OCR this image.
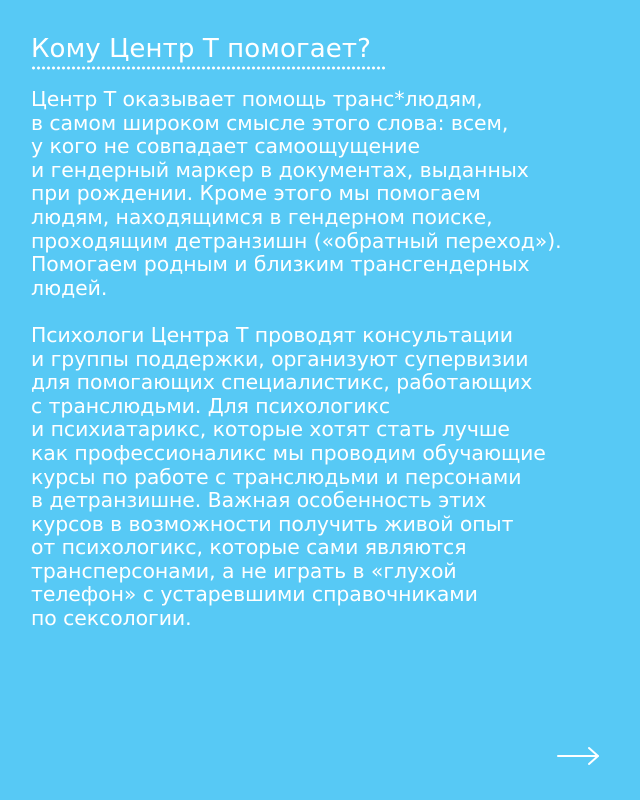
Кому Центр Т помогает?

Центр Т оказывает помощь транс*людям,
в самом широком смысле этого слова: всем,
у кого не совпадает самоощущение
и гендерный маркер в документах, выданных
при рождении. Кроме этого мы помогаем
людям, находящимся в гендерном поиске,
проходящим детранзишн («обратный переход»).
Помогаем родным и близким трансгендерных
людей.

Психологи Центра Т проводят консультации
и группы поддержки, организуют супервизии
для помогающих специалистикс, работающих
с транслюдьми. Для психологикс
и психиатарикс, которые хотят стать лучше
как профессионаликс мы проводим обучающие
курсы по работе с транслюдьми и персонами
в детранзишне. Важная особенность этих
курсов в возможности получить живой опыт
от психологикс, которые сами являются
трансперсонами, а не играть в «глухой
телефон» с устаревшими справочниками
по сексологии.
